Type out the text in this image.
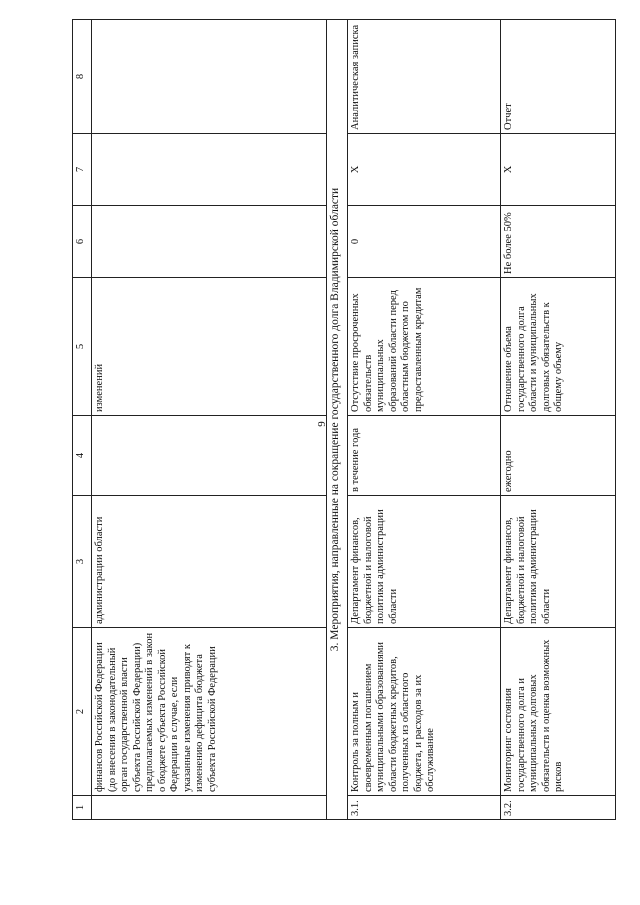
9
1	2	3	4	5	6	7	8
	финансов Российской Федерации (до внесения в законодательный орган государственной власти субъекта Российской Федерации) предполагаемых изменений в закон о бюджете субъекта Российской Федерации в случае, если указанные изменения приводят к изменению дефицита бюджета субъекта Российской Федерации	администрации области		изменений			
3. Мероприятия, направленные на сокращение государственного долга Владимирской области							
3.1.	Контроль за полным и своевременным погашением муниципальными образованиями области бюджетных кредитов, полученных из областного бюджета, и расходов за их обслуживание	Департамент финансов, бюджетной и налоговой политики администрации области	в течение года	Отсутствие просроченных обязательств муниципальных образований области перед областным бюджетом по предоставленным кредитам	0	Х	Аналитическая записка
3.2.	Мониторинг состояния государственного долга и муниципальных долговых обязательств и оценка возможных рисков	Департамент финансов, бюджетной и налоговой политики администрации области	ежегодно	Отношение объема государственного долга области и муниципальных долговых обязательств к общему объему	Не более 50%	Х	Отчет
